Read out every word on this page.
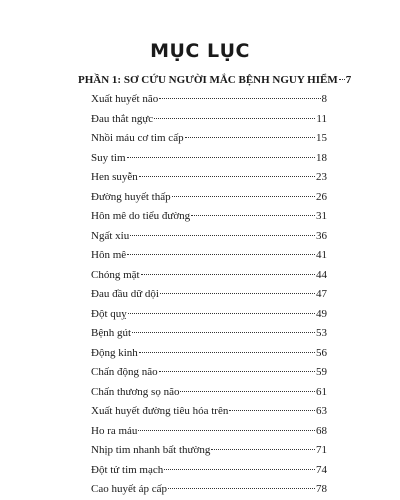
MỤC LỤC
PHẦN 1: SƠ CỨU NGƯỜI MẮC BỆNH NGUY HIỂM 7
Xuất huyết não	8
Đau thắt ngực	11
Nhồi máu cơ tim cấp	15
Suy tim	18
Hen suyễn	23
Đường huyết thấp	26
Hôn mê do tiểu đường	31
Ngất xỉu	36
Hôn mê	41
Chóng mặt	44
Đau đầu dữ dội	47
Đột quỵ	49
Bệnh gút	53
Động kinh	56
Chấn động não	59
Chấn thương sọ não	61
Xuất huyết đường tiêu hóa trên	63
Ho ra máu	68
Nhịp tim nhanh bất thường	71
Đột tử tim mạch	74
Cao huyết áp cấp	78
